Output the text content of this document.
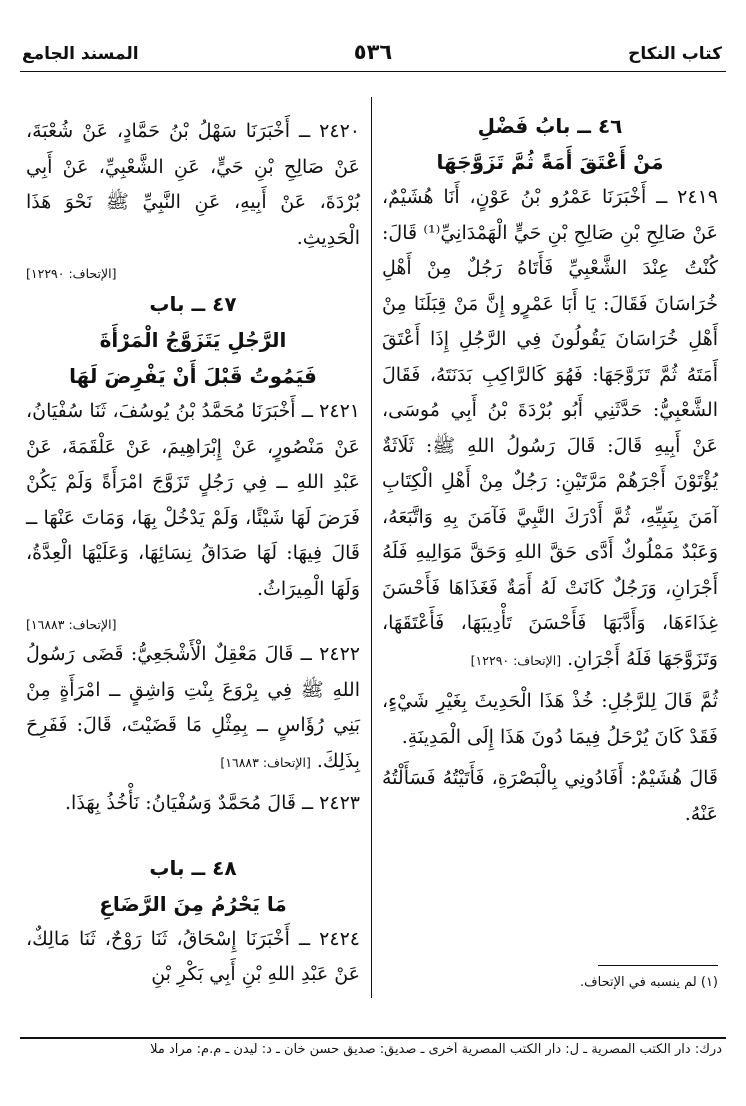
كتاب النكاح
٥٣٦
المسند الجامع
٤٦ ــ بابُ فَضْلِ
مَنْ أَعْتَقَ أَمَةً ثُمَّ تَزَوَّجَهَا

٢٤١٩ ــ أَخْبَرَنَا عَمْرُو بْنُ عَوْنٍ، أَنَا هُشَيْمٌ، عَنْ صَالِحِ بْنِ صَالِحِ بْنِ حَيٍّ الْهَمْدَانِيِّ⁽¹⁾ قَالَ: كُنْتُ عِنْدَ الشَّعْبِيِّ فَأَتَاهُ رَجُلٌ مِنْ أَهْلِ خُرَاسَانَ فَقَالَ: يَا أَبَا عَمْرٍو إِنَّ مَنْ قِبَلَنَا مِنْ أَهْلِ خُرَاسَانَ يَقُولُونَ فِي الرَّجُلِ إِذَا أَعْتَقَ أَمَتَهُ ثُمَّ تَزَوَّجَهَا: فَهُوَ كَالرَّاكِبِ بَدَنَتَهُ، فَقَالَ الشَّعْبِيُّ: حَدَّثَنِي أَبُو بُرْدَةَ بْنُ أَبِي مُوسَى، عَنْ أَبِيهِ قَالَ: قَالَ رَسُولُ اللهِ ﷺ: ثَلَاثَةٌ يُؤْتَوْنَ أَجْرَهُمْ مَرَّتَيْنِ: رَجُلٌ مِنْ أَهْلِ الْكِتَابِ آمَنَ بِنَبِيِّهِ، ثُمَّ أَدْرَكَ النَّبِيَّ فَآمَنَ بِهِ وَاتَّبَعَهُ، وَعَبْدٌ مَمْلُوكٌ أَدَّى حَقَّ اللهِ وَحَقَّ مَوَالِيهِ فَلَهُ أَجْرَانِ، وَرَجُلٌ كَانَتْ لَهُ أَمَةٌ فَغَذَاهَا فَأَحْسَنَ غِذَاءَهَا، وَأَدَّبَهَا فَأَحْسَنَ تَأْدِيبَهَا، فَأَعْتَقَهَا، وَتَزَوَّجَهَا فَلَهُ أَجْرَانِ. [الإتحاف: ١٢٢٩٠]

ثُمَّ قَالَ لِلرَّجُلِ: خُذْ هَذَا الْحَدِيثَ بِغَيْرِ شَيْءٍ، فَقَدْ كَانَ يُرْحَلُ فِيمَا دُونَ هَذَا إِلَى الْمَدِينَةِ.

قَالَ هُشَيْمٌ: أَفَادُونِي بِالْبَصْرَةِ، فَأَتَيْتُهُ فَسَأَلْتُهُ عَنْهُ.

٢٤٢٠ ــ أَخْبَرَنَا سَهْلُ بْنُ حَمَّادٍ، عَنْ شُعْبَةَ، عَنْ صَالِحِ بْنِ حَيٍّ، عَنِ الشَّعْبِيِّ، عَنْ أَبِي بُرْدَةَ، عَنْ أَبِيهِ، عَنِ النَّبِيِّ ﷺ نَحْوَ هَذَا الْحَدِيثِ.

[الإتحاف: ١٢٢٩٠]
٤٧ ــ باب
الرَّجُلِ يَتَزَوَّجُ الْمَرْأَةَ
فَيَمُوتُ قَبْلَ أَنْ يَفْرِضَ لَهَا

٢٤٢١ ــ أَخْبَرَنَا مُحَمَّدُ بْنُ يُوسُفَ، ثَنَا سُفْيَانُ، عَنْ مَنْصُورٍ، عَنْ إِبْرَاهِيمَ، عَنْ عَلْقَمَةَ، عَنْ عَبْدِ اللهِ ــ فِي رَجُلٍ تَزَوَّجَ امْرَأَةً وَلَمْ يَكُنْ فَرَضَ لَهَا شَيْئًا، وَلَمْ يَدْخُلْ بِهَا، وَمَاتَ عَنْهَا ــ قَالَ فِيهَا: لَهَا صَدَاقُ نِسَائِهَا، وَعَلَيْهَا الْعِدَّةُ، وَلَهَا الْمِيرَاثُ.

[الإتحاف: ١٦٨٨٣]

٢٤٢٢ ــ قَالَ مَعْقِلٌ الْأَشْجَعِيُّ: قَضَى رَسُولُ اللهِ ﷺ فِي بِرْوَعَ بِنْتِ وَاشِقٍ ــ امْرَأَةٍ مِنْ بَنِي رُؤَاسٍ ــ بِمِثْلِ مَا قَضَيْتَ، قَالَ: فَفَرِحَ بِذَلِكَ. [الإتحاف: ١٦٨٨٣]

٢٤٢٣ ــ قَالَ مُحَمَّدٌ وَسُفْيَانُ: نَأْخُذُ بِهَذَا.

٤٨ ــ باب
مَا يَحْرُمُ مِنَ الرَّضَاعِ

٢٤٢٤ ــ أَخْبَرَنَا إِسْحَاقُ، ثَنَا رَوْحٌ، ثَنَا مَالِكٌ، عَنْ عَبْدِ اللهِ بْنِ أَبِي بَكْرِ بْنِ	(١) لم ينسبه في الإتحاف.
درك: دار الكتب المصرية ـ ل: دار الكتب المصرية أخرى ـ صديق: صديق حسن خان ـ د: ليدن ـ م.م: مراد ملا
